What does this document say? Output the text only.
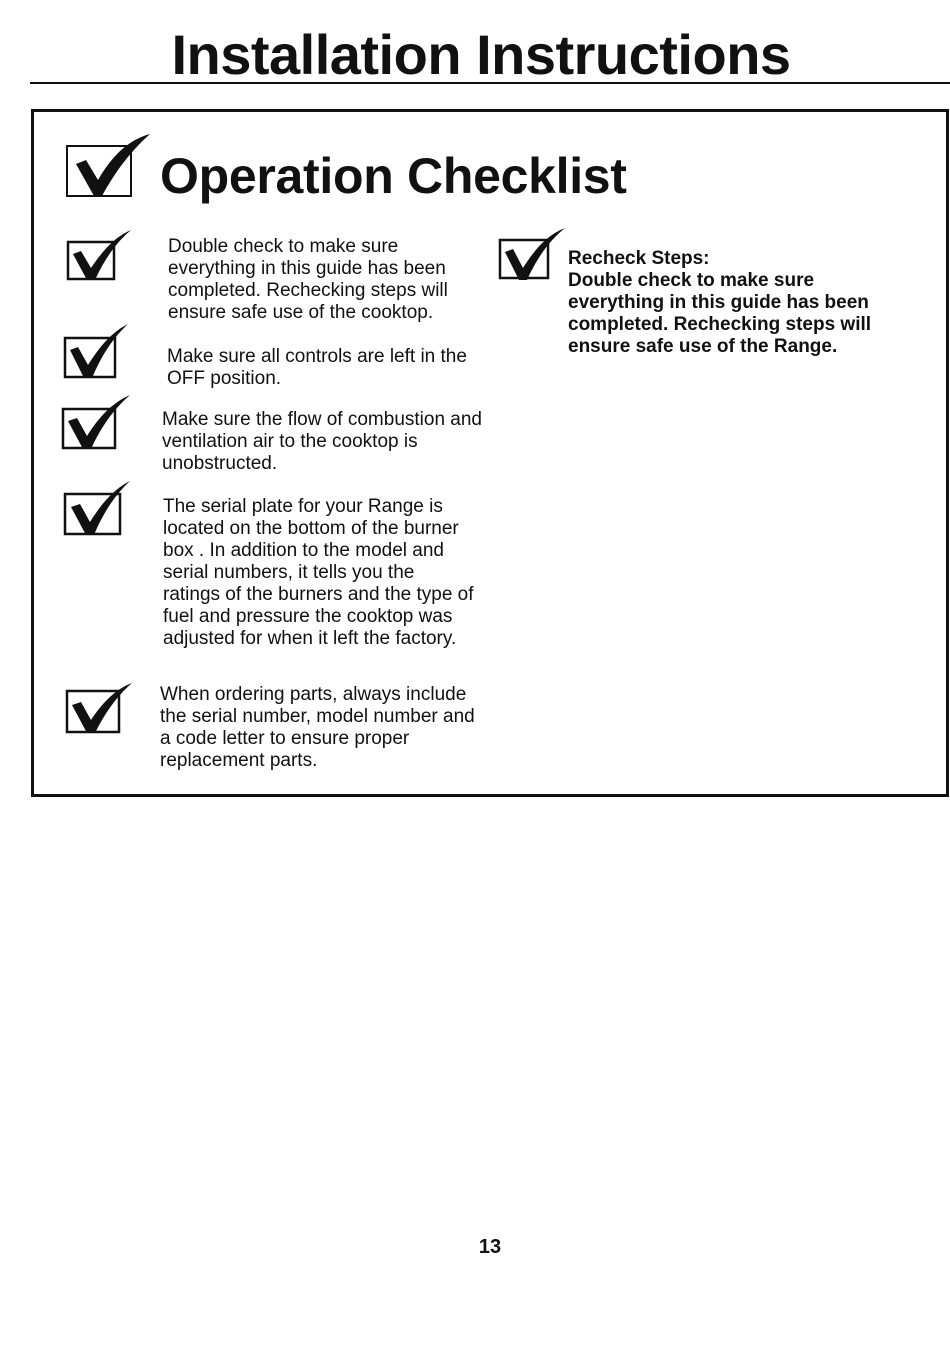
Installation Instructions
Operation Checklist
Double check to make sure everything in this guide has been completed. Rechecking steps will ensure safe use of the cooktop.
Make sure all controls are left in the OFF position.
Make sure the flow of combustion and ventilation air to the cooktop is unobstructed.
The serial plate for your Range is located on the bottom of the burner box . In addition to the model and serial numbers, it tells you the ratings of the burners and the type of fuel and pressure the cooktop was adjusted for when it left the factory.
When ordering parts, always include the serial number, model number and a code letter to ensure proper replacement parts.
Recheck Steps:
Double check to make sure everything in this guide has been completed. Rechecking steps will ensure safe use of the Range.
13
